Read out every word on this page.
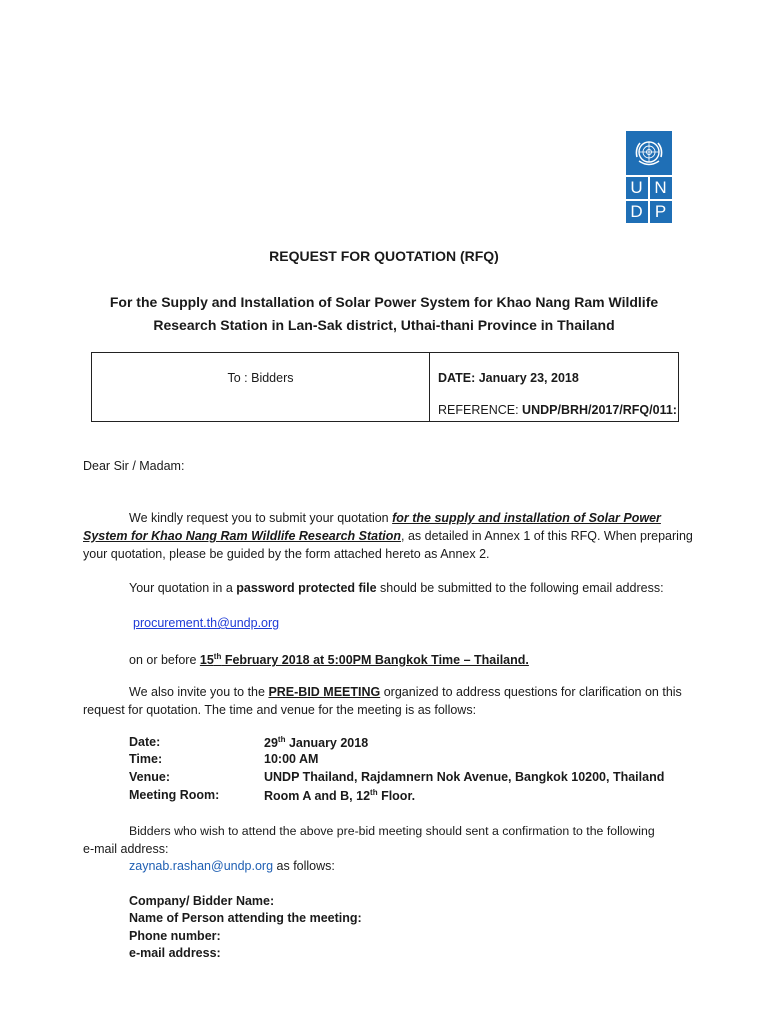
U N
D P
REQUEST FOR QUOTATION (RFQ)
For the Supply and Installation of Solar Power System for Khao Nang Ram Wildlife
Research Station in Lan-Sak district, Uthai-thani Province in Thailand
To : Bidders	DATE: January 23, 2018
REFERENCE: UNDP/BRH/2017/RFQ/011:
Dear Sir / Madam:
We kindly request you to submit your quotation for the supply and installation of Solar Power
System for Khao Nang Ram Wildlife Research Station, as detailed in Annex 1 of this RFQ. When preparing
your quotation, please be guided by the form attached hereto as Annex 2.
Your quotation in a password protected file should be submitted to the following email address:
procurement.th@undp.org
on or before 15th February 2018 at 5:00PM Bangkok Time – Thailand.
We also invite you to the PRE-BID MEETING organized to address questions for clarification on this
request for quotation. The time and venue for the meeting is as follows:
Date:	29th January 2018
Time:	10:00 AM
Venue:	UNDP Thailand, Rajdamnern Nok Avenue, Bangkok 10200, Thailand
Meeting Room:	Room A and B, 12th Floor.
Bidders who wish to attend the above pre-bid meeting should sent a confirmation to the following
e-mail address:
zaynab.rashan@undp.org as follows:
Company/ Bidder Name:
Name of Person attending the meeting:
Phone number:
e-mail address:
